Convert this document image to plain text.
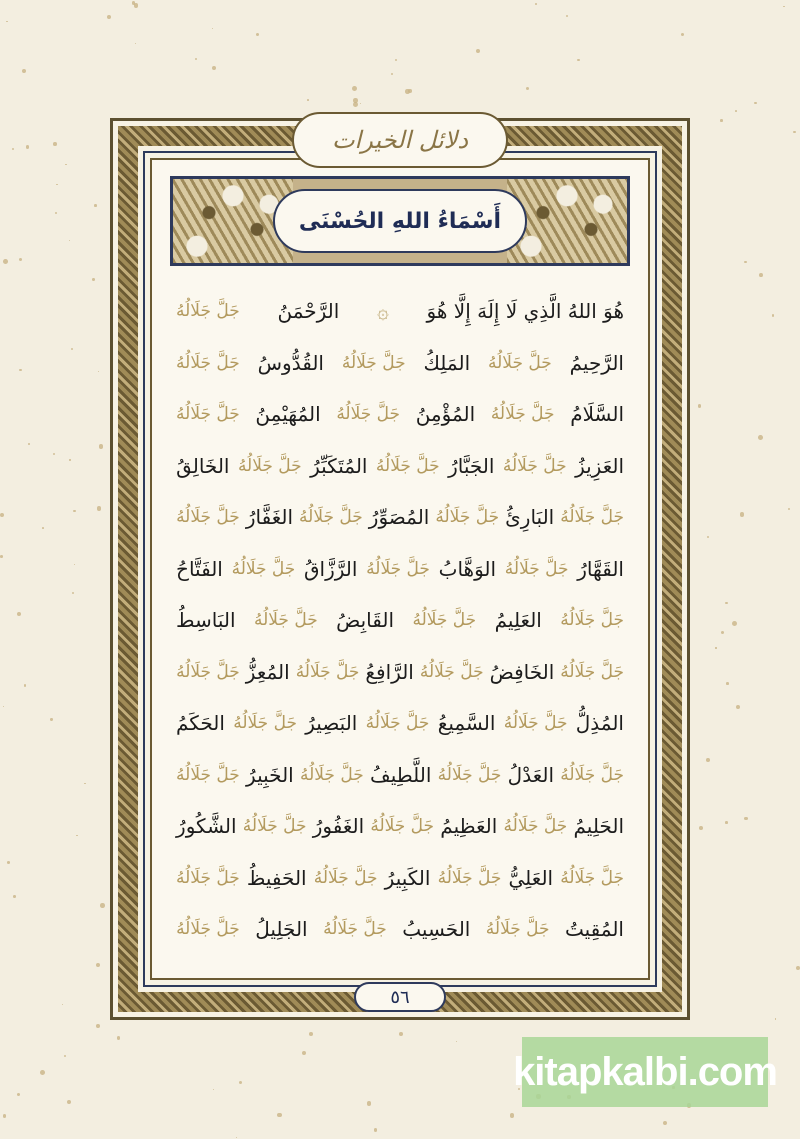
دلائل الخيرات
أَسْمَاءُ اللهِ الحُسْنَى
هُوَ اللهُ الَّذِي لَا إِلَهَ إِلَّا هُوَ
۞
الرَّحْمَنُ
جَلَّ جَلَالُهُ
الرَّحِيمُ
جَلَّ جَلَالُهُ
المَلِكُ
جَلَّ جَلَالُهُ
القُدُّوسُ
جَلَّ جَلَالُهُ
السَّلَامُ
جَلَّ جَلَالُهُ
المُؤْمِنُ
جَلَّ جَلَالُهُ
المُهَيْمِنُ
جَلَّ جَلَالُهُ
العَزِيزُ
جَلَّ جَلَالُهُ
الجَبَّارُ
جَلَّ جَلَالُهُ
المُتَكَبِّرُ
جَلَّ جَلَالُهُ
الخَالِقُ
جَلَّ جَلَالُهُ
البَارِئُ
جَلَّ جَلَالُهُ
المُصَوِّرُ
جَلَّ جَلَالُهُ
الغَفَّارُ
جَلَّ جَلَالُهُ
القَهَّارُ
جَلَّ جَلَالُهُ
الوَهَّابُ
جَلَّ جَلَالُهُ
الرَّزَّاقُ
جَلَّ جَلَالُهُ
الفَتَّاحُ
جَلَّ جَلَالُهُ
العَلِيمُ
جَلَّ جَلَالُهُ
القَابِضُ
جَلَّ جَلَالُهُ
البَاسِطُ
جَلَّ جَلَالُهُ
الخَافِضُ
جَلَّ جَلَالُهُ
الرَّافِعُ
جَلَّ جَلَالُهُ
المُعِزُّ
جَلَّ جَلَالُهُ
المُذِلُّ
جَلَّ جَلَالُهُ
السَّمِيعُ
جَلَّ جَلَالُهُ
البَصِيرُ
جَلَّ جَلَالُهُ
الحَكَمُ
جَلَّ جَلَالُهُ
العَدْلُ
جَلَّ جَلَالُهُ
اللَّطِيفُ
جَلَّ جَلَالُهُ
الخَبِيرُ
جَلَّ جَلَالُهُ
الحَلِيمُ
جَلَّ جَلَالُهُ
العَظِيمُ
جَلَّ جَلَالُهُ
الغَفُورُ
جَلَّ جَلَالُهُ
الشَّكُورُ
جَلَّ جَلَالُهُ
العَلِيُّ
جَلَّ جَلَالُهُ
الكَبِيرُ
جَلَّ جَلَالُهُ
الحَفِيظُ
جَلَّ جَلَالُهُ
المُقِيتُ
جَلَّ جَلَالُهُ
الحَسِيبُ
جَلَّ جَلَالُهُ
الجَلِيلُ
جَلَّ جَلَالُهُ
٥٦
kitapkalbi.com
